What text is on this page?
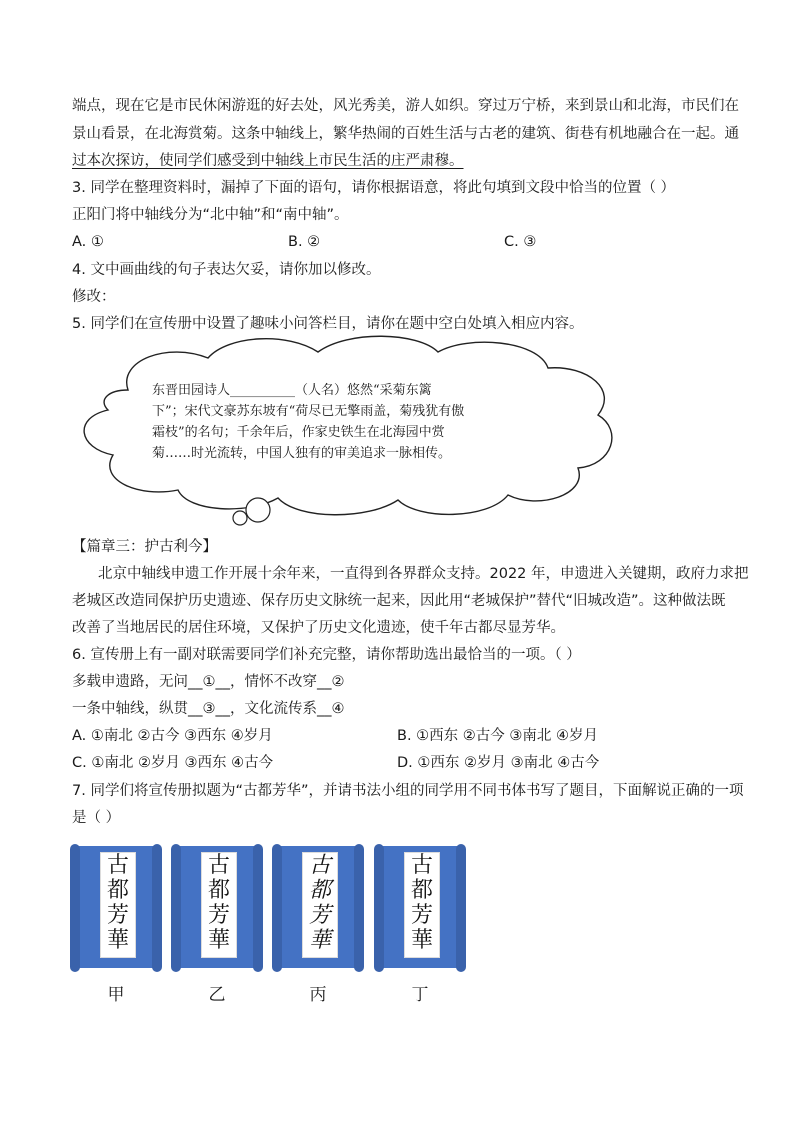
端点，现在它是市民休闲游逛的好去处，风光秀美，游人如织。穿过万宁桥，来到景山和北海，市民们在
景山看景，在北海赏菊。这条中轴线上，繁华热闹的百姓生活与古老的建筑、街巷有机地融合在一起。通
过本次探访，使同学们感受到中轴线上市民生活的庄严肃穆。
3. 同学在整理资料时，漏掉了下面的语句，请你根据语意，将此句填到文段中恰当的位置（ ）
正阳门将中轴线分为“北中轴”和“南中轴”。
A. ①	B. ②	C. ③
4. 文中画曲线的句子表达欠妥，请你加以修改。
修改：
5. 同学们在宣传册中设置了趣味小问答栏目，请你在题中空白处填入相应内容。
东晋田园诗人__________（人名）悠然“采菊东篱
下”；宋代文豪苏东坡有“荷尽已无擎雨盖，菊残犹有傲
霜枝”的名句；千余年后，作家史铁生在北海园中赏
菊……时光流转，中国人独有的审美追求一脉相传。
【篇章三：护古利今】
北京中轴线申遗工作开展十余年来，一直得到各界群众支持。2022 年，申遗进入关键期，政府力求把
老城区改造同保护历史遗迹、保存历史文脉统一起来，因此用“老城保护”替代“旧城改造”。这种做法既
改善了当地居民的居住环境，又保护了历史文化遗迹，使千年古都尽显芳华。
6. 宣传册上有一副对联需要同学们补充完整，请你帮助选出最恰当的一项。（ ）
多载申遗路，无问__①__，情怀不改穿__②
一条中轴线，纵贯__③__，文化流传系__④
A. ①南北 ②古今 ③西东 ④岁月	B. ①西东 ②古今 ③南北 ④岁月
C. ①南北 ②岁月 ③西东 ④古今	D. ①西东 ②岁月 ③南北 ④古今
7. 同学们将宣传册拟题为“古都芳华”，并请书法小组的同学用不同书体书写了题目，下面解说正确的一项
是（ ）
古
都
芳
華
古
都
芳
華
古
都
芳
華
古
都
芳
華
甲	乙	丙	丁
